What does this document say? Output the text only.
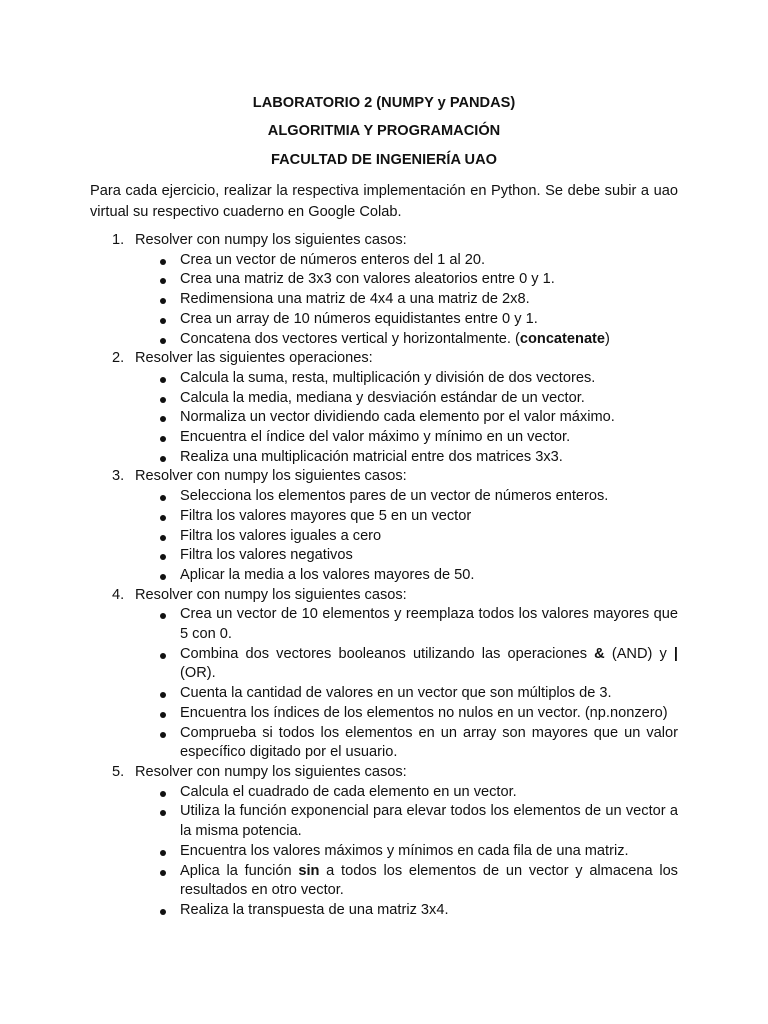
LABORATORIO 2 (NUMPY y PANDAS)
ALGORITMIA Y PROGRAMACIÓN
FACULTAD DE INGENIERÍA UAO
Para cada ejercicio, realizar la respectiva implementación en Python. Se debe subir a uao virtual su respectivo cuaderno en Google Colab.
1. Resolver con numpy los siguientes casos:
Crea un vector de números enteros del 1 al 20.
Crea una matriz de 3x3 con valores aleatorios entre 0 y 1.
Redimensiona una matriz de 4x4 a una matriz de 2x8.
Crea un array de 10 números equidistantes entre 0 y 1.
Concatena dos vectores vertical y horizontalmente. (concatenate)
2. Resolver las siguientes operaciones:
Calcula la suma, resta, multiplicación y división de dos vectores.
Calcula la media, mediana y desviación estándar de un vector.
Normaliza un vector dividiendo cada elemento por el valor máximo.
Encuentra el índice del valor máximo y mínimo en un vector.
Realiza una multiplicación matricial entre dos matrices 3x3.
3. Resolver con numpy los siguientes casos:
Selecciona los elementos pares de un vector de números enteros.
Filtra los valores mayores que 5 en un vector
Filtra los valores iguales a cero
Filtra los valores negativos
Aplicar la media a los valores mayores de 50.
4. Resolver con numpy los siguientes casos:
Crea un vector de 10 elementos y reemplaza todos los valores mayores que 5 con 0.
Combina dos vectores booleanos utilizando las operaciones & (AND) y | (OR).
Cuenta la cantidad de valores en un vector que son múltiplos de 3.
Encuentra los índices de los elementos no nulos en un vector. (np.nonzero)
Comprueba si todos los elementos en un array son mayores que un valor específico digitado por el usuario.
5. Resolver con numpy los siguientes casos:
Calcula el cuadrado de cada elemento en un vector.
Utiliza la función exponencial para elevar todos los elementos de un vector a la misma potencia.
Encuentra los valores máximos y mínimos en cada fila de una matriz.
Aplica la función sin a todos los elementos de un vector y almacena los resultados en otro vector.
Realiza la transpuesta de una matriz 3x4.
